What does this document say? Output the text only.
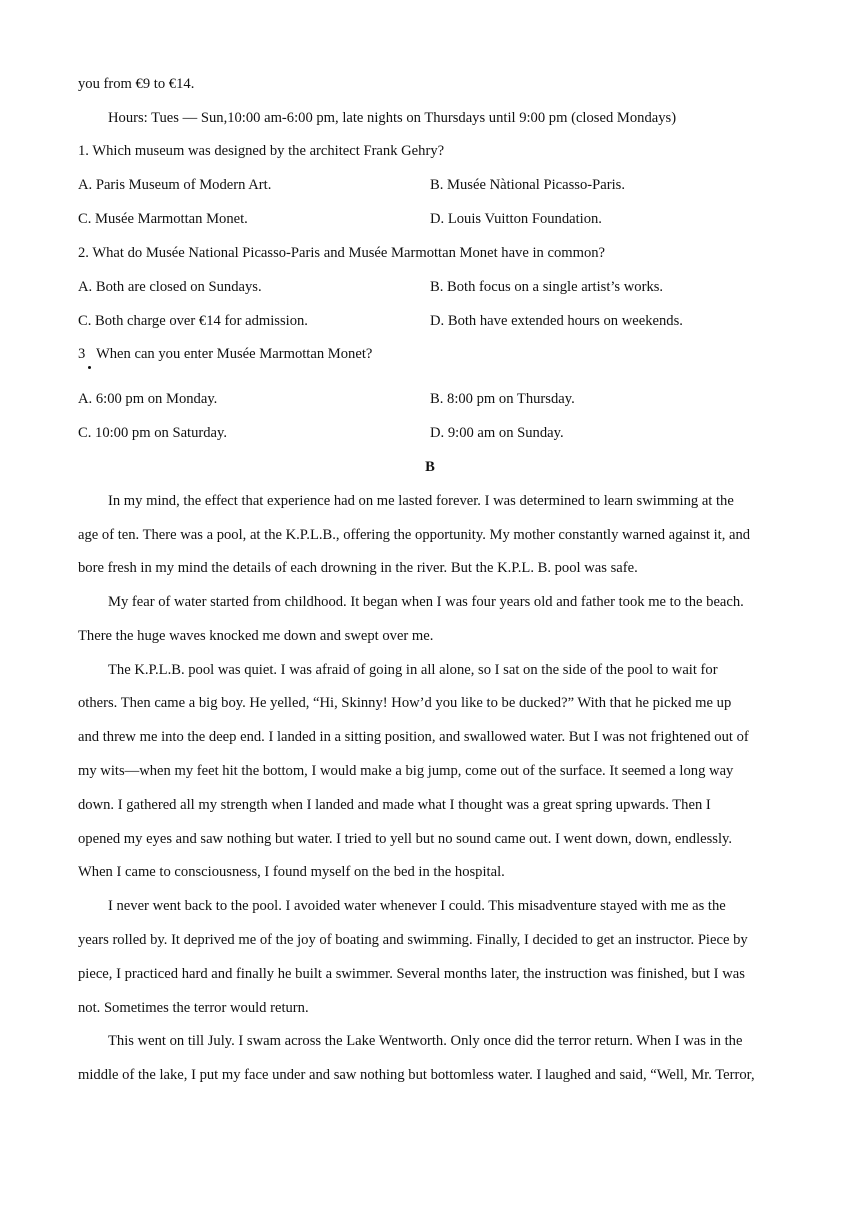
you from €9 to €14.
Hours: Tues — Sun,10:00 am-6:00 pm, late nights on Thursdays until 9:00 pm (closed Mondays)
1. Which museum was designed by the architect Frank Gehry?
A. Paris Museum of Modern Art.	B. Musée Nàtional Picasso-Paris.
C. Musée Marmottan Monet.	D. Louis Vuitton Foundation.
2. What do Musée National Picasso-Paris and Musée Marmottan Monet have in common?
A. Both are closed on Sundays.	B. Both focus on a single artist’s works.
C. Both charge over €14 for admission.	D. Both have extended hours on weekends.
3   When can you enter Musée Marmottan Monet?
A. 6:00 pm on Monday.	B. 8:00 pm on Thursday.
C. 10:00 pm on Saturday.	D. 9:00 am on Sunday.
B
In my mind, the effect that experience had on me lasted forever. I was determined to learn swimming at the
age of ten. There was a pool, at the K.P.L.B., offering the opportunity. My mother constantly warned against it, and
bore fresh in my mind the details of each drowning in the river. But the K.P.L. B. pool was safe.
My fear of water started from childhood. It began when I was four years old and father took me to the beach.
There the huge waves knocked me down and swept over me.
The K.P.L.B. pool was quiet. I was afraid of going in all alone, so I sat on the side of the pool to wait for
others. Then came a big boy. He yelled, “Hi, Skinny! How’d you like to be ducked?” With that he picked me up
and threw me into the deep end. I landed in a sitting position, and swallowed water. But I was not frightened out of
my wits—when my feet hit the bottom, I would make a big jump, come out of the surface. It seemed a long way
down. I gathered all my strength when I landed and made what I thought was a great spring upwards. Then I
opened my eyes and saw nothing but water. I tried to yell but no sound came out. I went down, down, endlessly.
When I came to consciousness, I found myself on the bed in the hospital.
I never went back to the pool. I avoided water whenever I could. This misadventure stayed with me as the
years rolled by. It deprived me of the joy of boating and swimming. Finally, I decided to get an instructor. Piece by
piece, I practiced hard and finally he built a swimmer. Several months later, the instruction was finished, but I was
not. Sometimes the terror would return.
This went on till July. I swam across the Lake Wentworth. Only once did the terror return. When I was in the
middle of the lake, I put my face under and saw nothing but bottomless water. I laughed and said, “Well, Mr. Terror,
